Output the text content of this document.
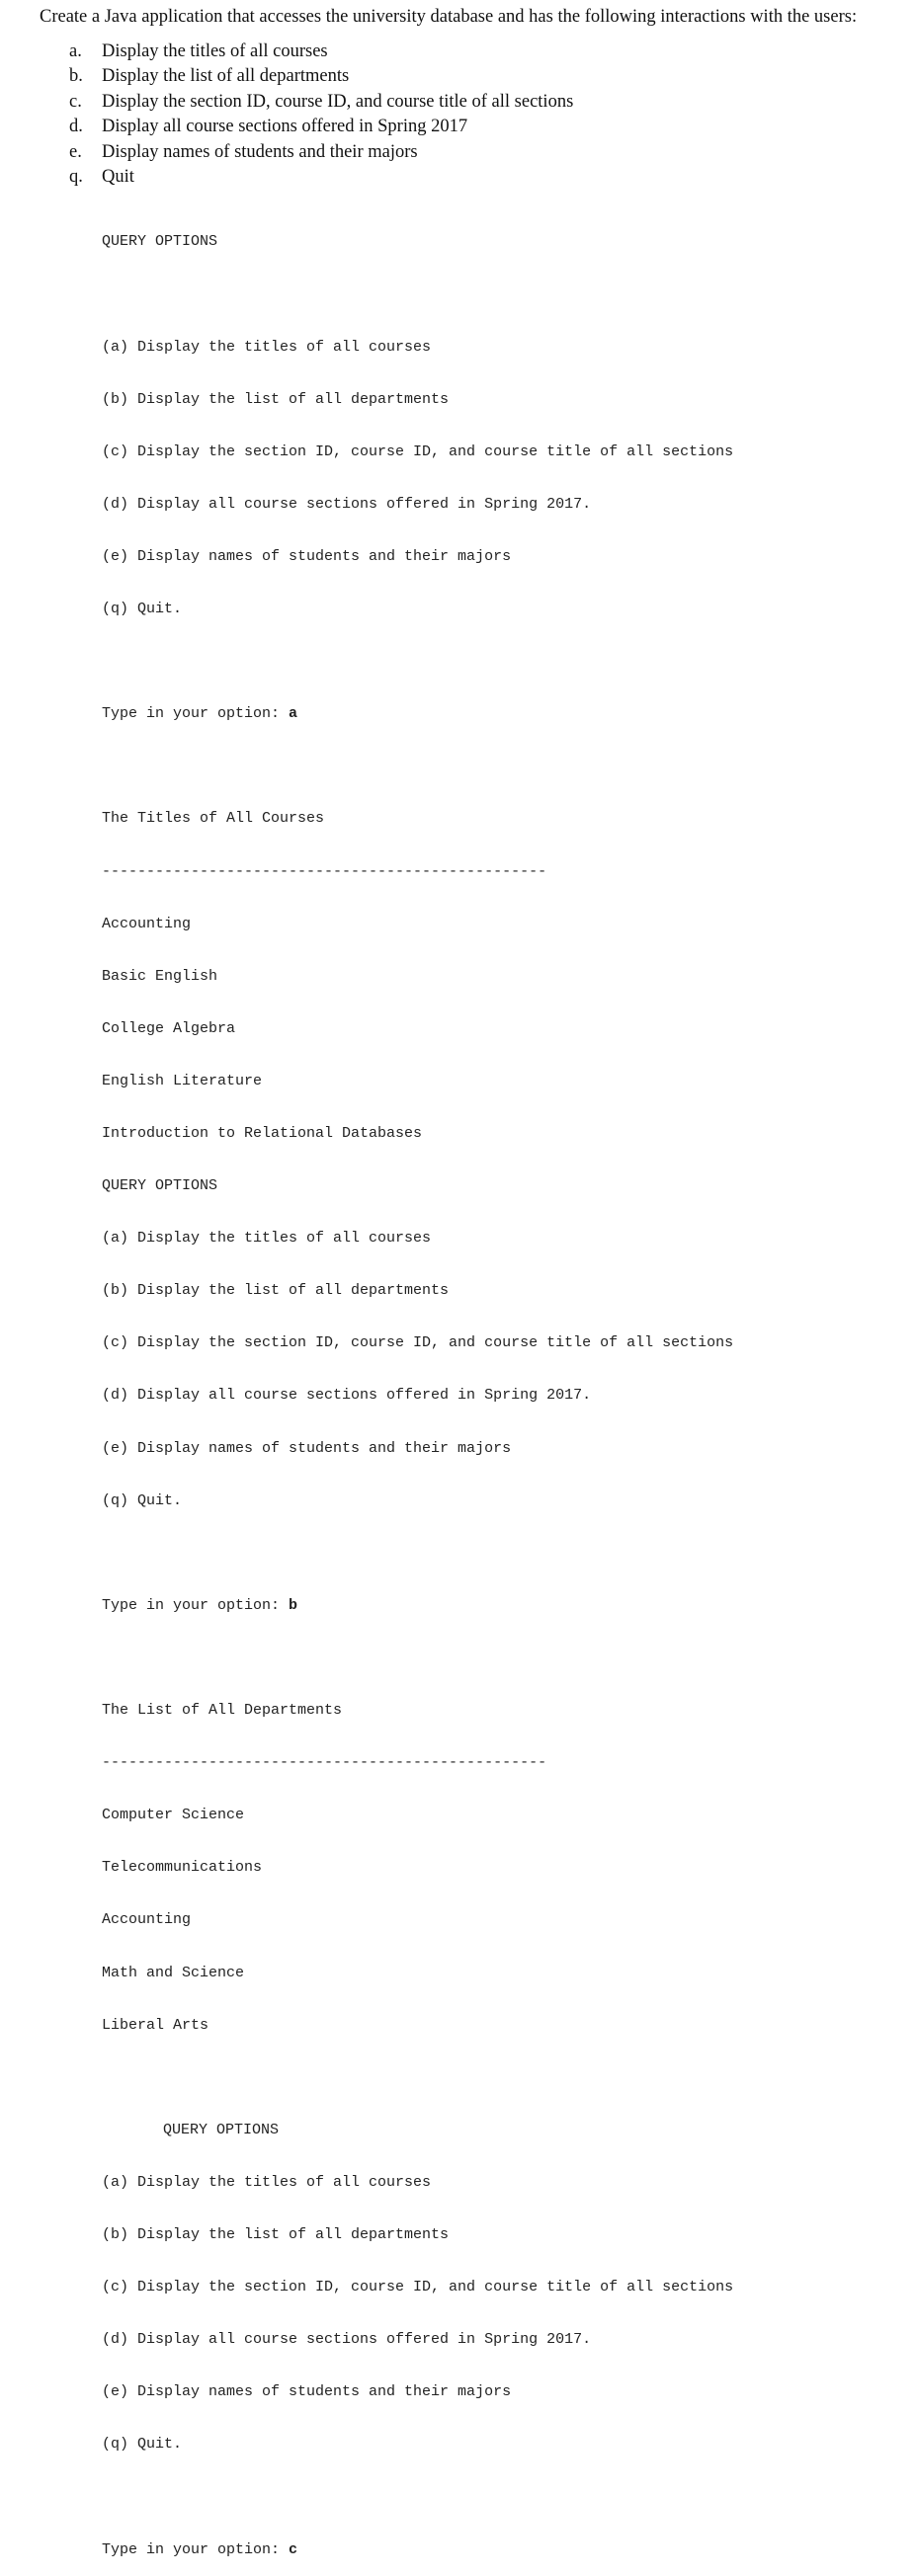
Create a Java application that accesses the university database and has the following interactions with the users:
a.	Display the titles of all courses
b.	Display the list of all departments
c.	Display the section ID, course ID, and course title of all sections
d.	Display all course sections offered in Spring 2017
e.	Display names of students and their majors
q.	Quit

QUERY OPTIONS

(a) Display the titles of all courses

(b) Display the list of all departments

(c) Display the section ID, course ID, and course title of all sections

(d) Display all course sections offered in Spring 2017.

(e) Display names of students and their majors

(q) Quit.

Type in your option: a

The Titles of All Courses

--------------------------------------------------

Accounting

Basic English

College Algebra

English Literature

Introduction to Relational Databases

QUERY OPTIONS

(a) Display the titles of all courses

(b) Display the list of all departments

(c) Display the section ID, course ID, and course title of all sections

(d) Display all course sections offered in Spring 2017.

(e) Display names of students and their majors

(q) Quit.

Type in your option: b

The List of All Departments

--------------------------------------------------

Computer Science

Telecommunications

Accounting

Math and Science

Liberal Arts

QUERY OPTIONS

(a) Display the titles of all courses

(b) Display the list of all departments

(c) Display the section ID, course ID, and course title of all sections

(d) Display all course sections offered in Spring 2017.

(e) Display names of students and their majors

(q) Quit.

Type in your option: c
